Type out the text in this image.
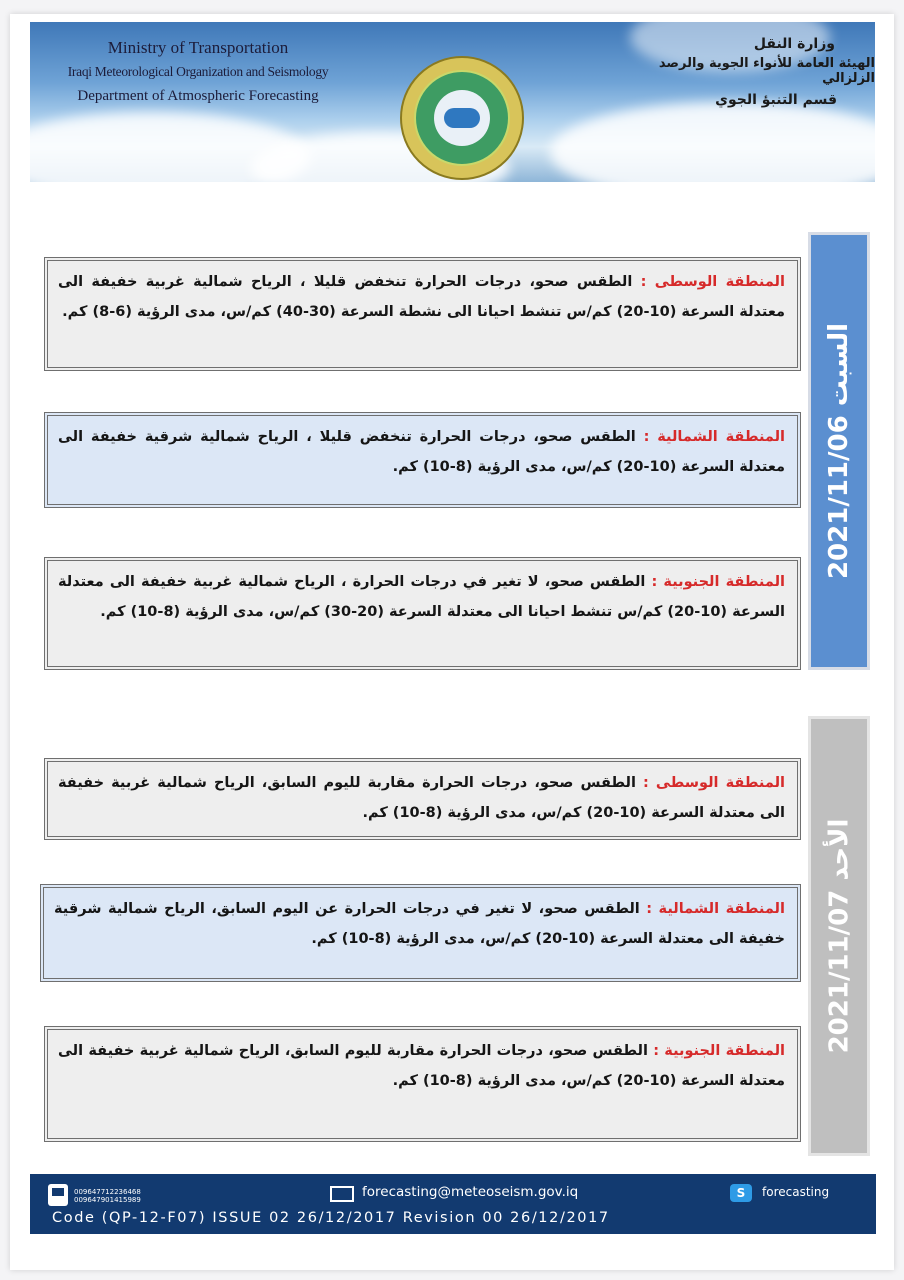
Ministry of Transportation
Iraqi Meteorological Organization and Seismology
Department of Atmospheric Forecasting
وزارة النقل
الهيئة العامة للأنواء الجوية والرصد الزلزالي
قسم التنبؤ الجوي
2021/11/06 السبت
المنطقة الوسطى : الطقس صحو، درجات الحرارة تنخفض قليلا ، الرياح شمالية غربية خفيفة الى معتدلة السرعة (10-20) كم/س تنشط احيانا الى نشطة السرعة (30-40) كم/س، مدى الرؤية (6-8) كم.
المنطقة الشمالية : الطقس صحو، درجات الحرارة تنخفض قليلا ، الرياح شمالية شرقية خفيفة الى معتدلة السرعة (10-20) كم/س، مدى الرؤية (8-10) كم.
المنطقة الجنوبية : الطقس صحو، لا تغير في درجات الحرارة ، الرياح شمالية غربية خفيفة الى معتدلة السرعة (10-20) كم/س تنشط احيانا الى معتدلة السرعة (20-30) كم/س، مدى الرؤية (8-10) كم.
2021/11/07 الأحد
المنطقة الوسطى : الطقس صحو، درجات الحرارة مقاربة لليوم السابق، الرياح شمالية غربية خفيفة الى معتدلة السرعة (10-20) كم/س، مدى الرؤية (8-10) كم.
المنطقة الشمالية : الطقس صحو، لا تغير في درجات الحرارة عن اليوم السابق، الرياح شمالية شرقية خفيفة الى معتدلة السرعة (10-20) كم/س، مدى الرؤية (8-10) كم.
المنطقة الجنوبية : الطقس صحو، درجات الحرارة مقاربة لليوم السابق، الرياح شمالية غربية خفيفة الى معتدلة السرعة (10-20) كم/س، مدى الرؤية (8-10) كم.
009647712236468
009647901415989	forecasting@meteoseism.gov.iq	S	forecasting
Code (QP-12-F07) ISSUE 02 26/12/2017 Revision 00 26/12/2017
